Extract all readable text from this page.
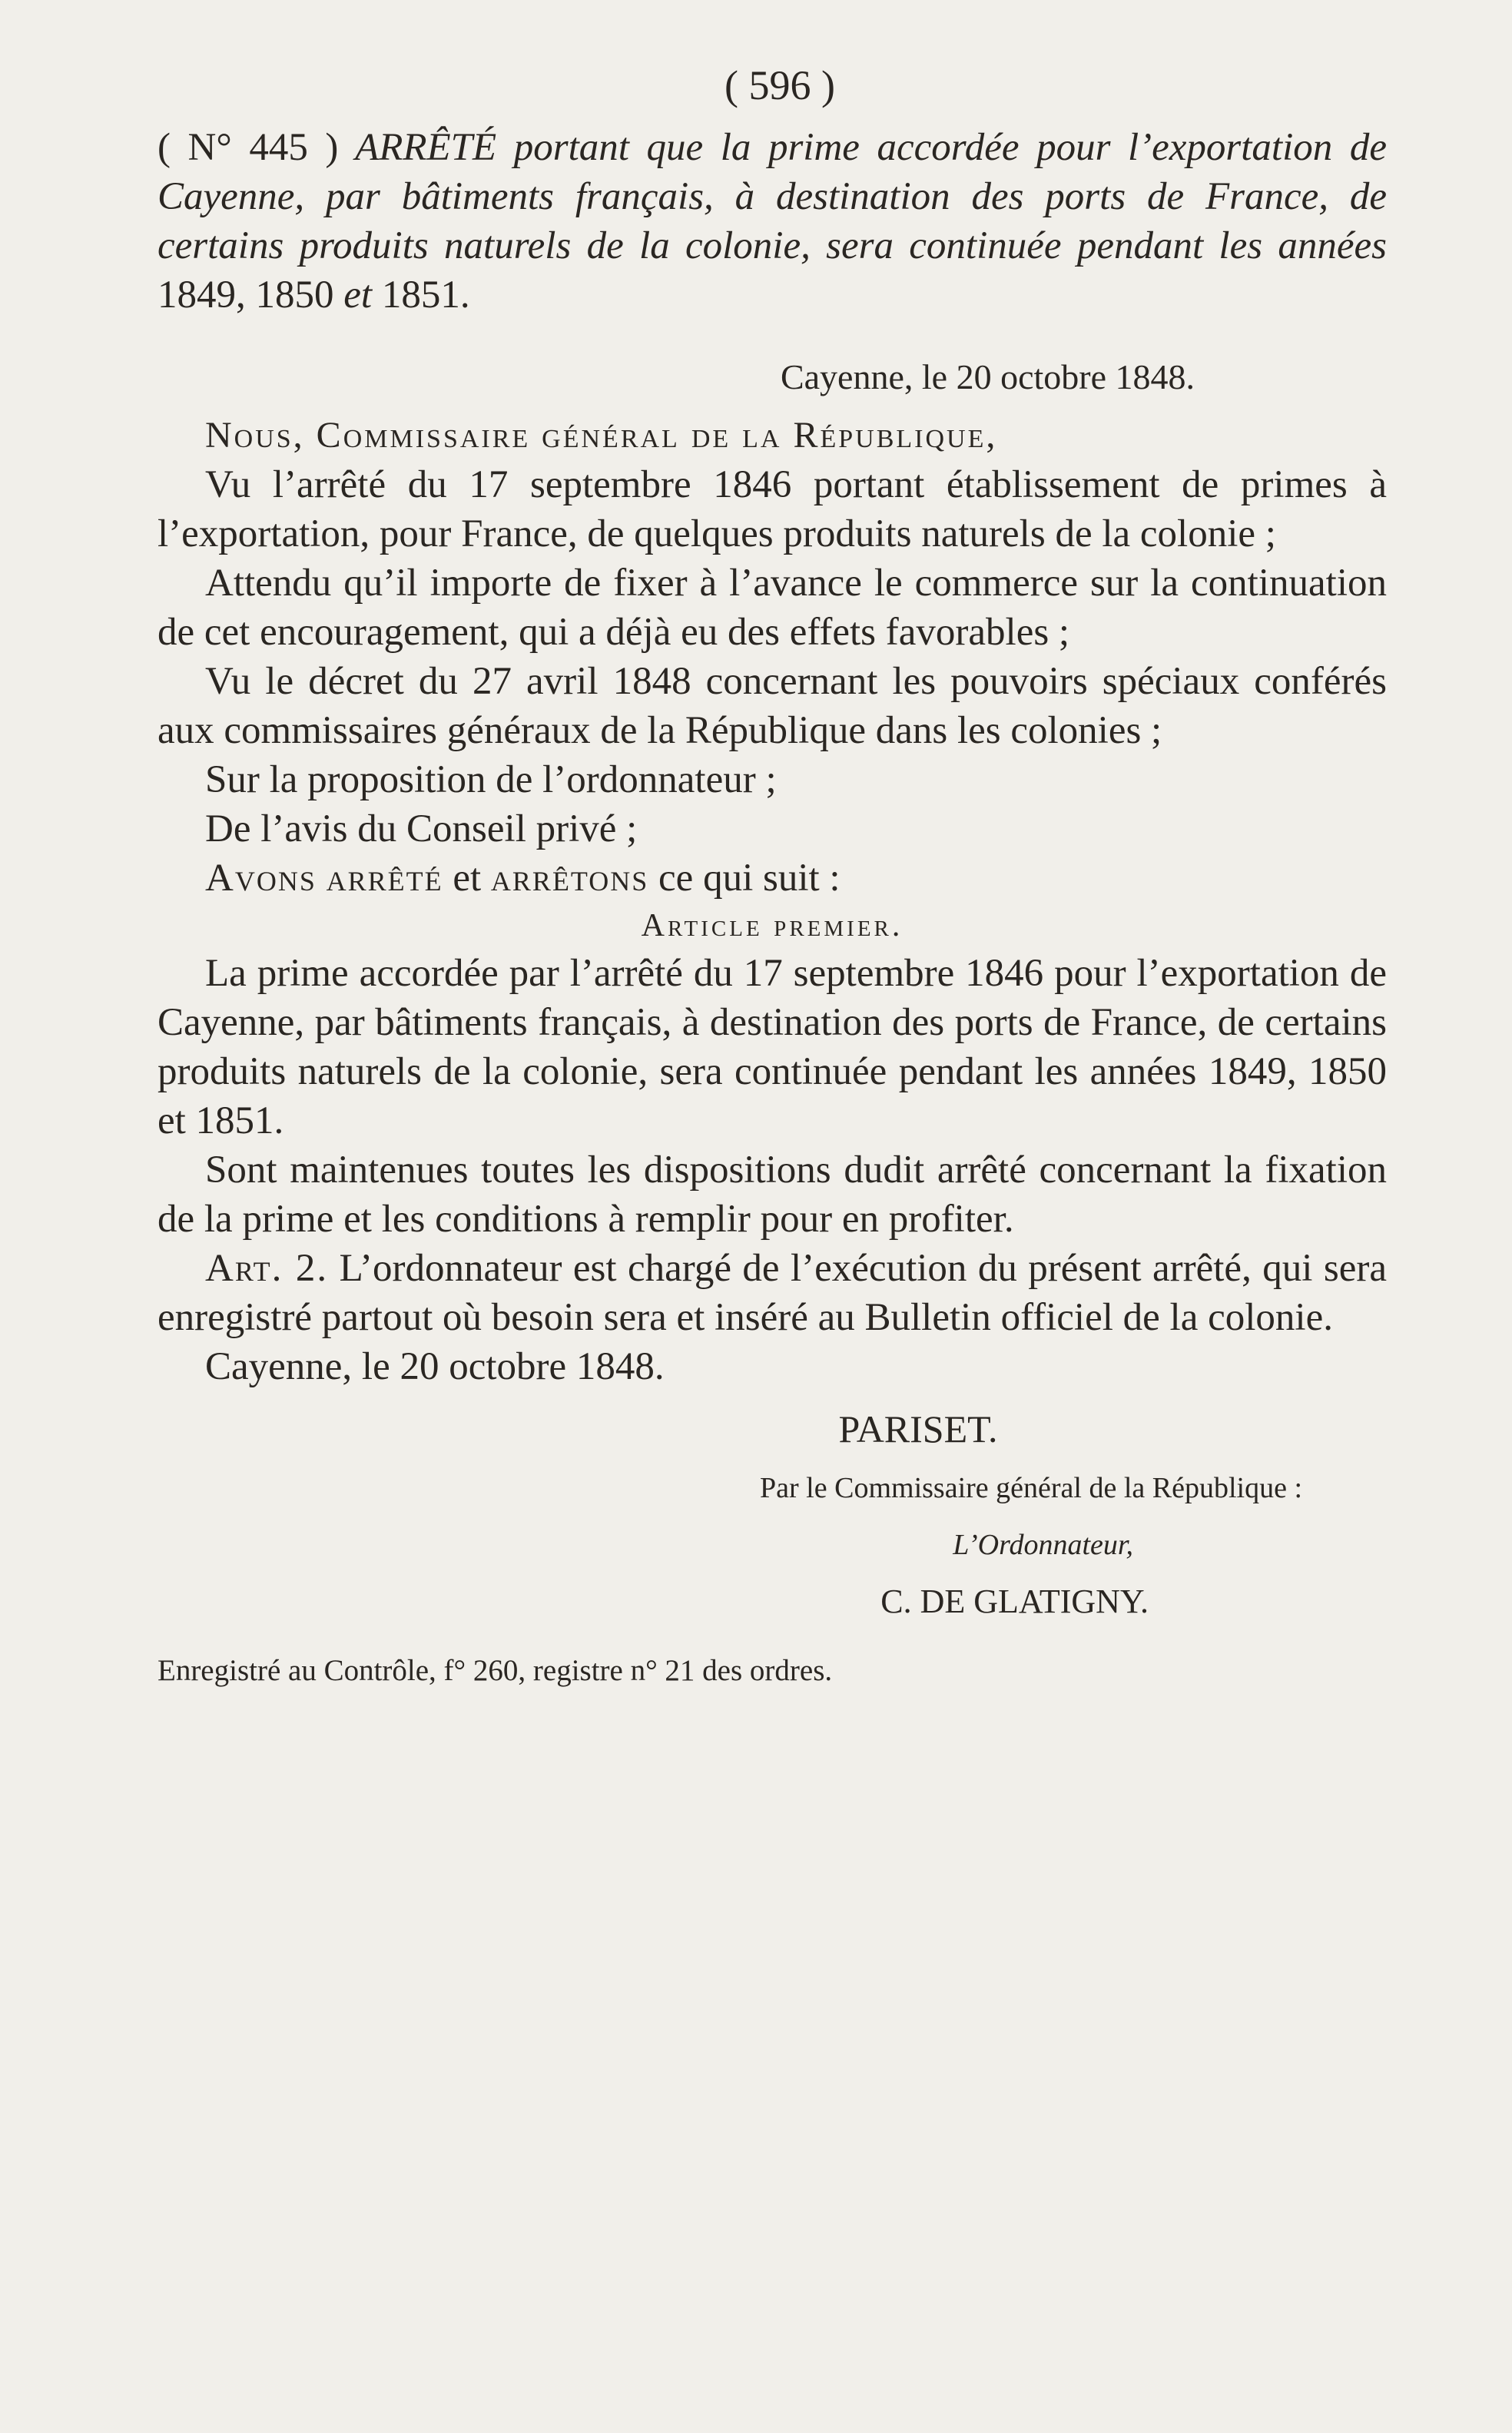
( 596 )
( N° 445 ) ARRÊTÉ portant que la prime accordée pour l’exportation de Cayenne, par bâtiments français, à destination des ports de France, de certains produits naturels de la colonie, sera continuée pendant les années 1849, 1850 et 1851.
Cayenne, le 20 octobre 1848.

Nous, Commissaire général de la République,

Vu l’arrêté du 17 septembre 1846 portant établissement de primes à l’exportation, pour France, de quelques produits naturels de la colonie ;

Attendu qu’il importe de fixer à l’avance le commerce sur la continuation de cet encouragement, qui a déjà eu des effets favorables ;

Vu le décret du 27 avril 1848 concernant les pouvoirs spéciaux conférés aux commissaires généraux de la République dans les colonies ;

Sur la proposition de l’ordonnateur ;

De l’avis du Conseil privé ;

Avons arrêté et arrêtons ce qui suit :

Article premier.

La prime accordée par l’arrêté du 17 septembre 1846 pour l’exportation de Cayenne, par bâtiments français, à destination des ports de France, de certains produits naturels de la colonie, sera continuée pendant les années 1849, 1850 et 1851.

Sont maintenues toutes les dispositions dudit arrêté concernant la fixation de la prime et les conditions à remplir pour en profiter.

Art. 2. L’ordonnateur est chargé de l’exécution du présent arrêté, qui sera enregistré partout où besoin sera et inséré au Bulletin officiel de la colonie.

Cayenne, le 20 octobre 1848.

PARISET.
Par le Commissaire général de la République :
L’Ordonnateur,
C. DE GLATIGNY.
Enregistré au Contrôle, f° 260, registre n° 21 des ordres.
